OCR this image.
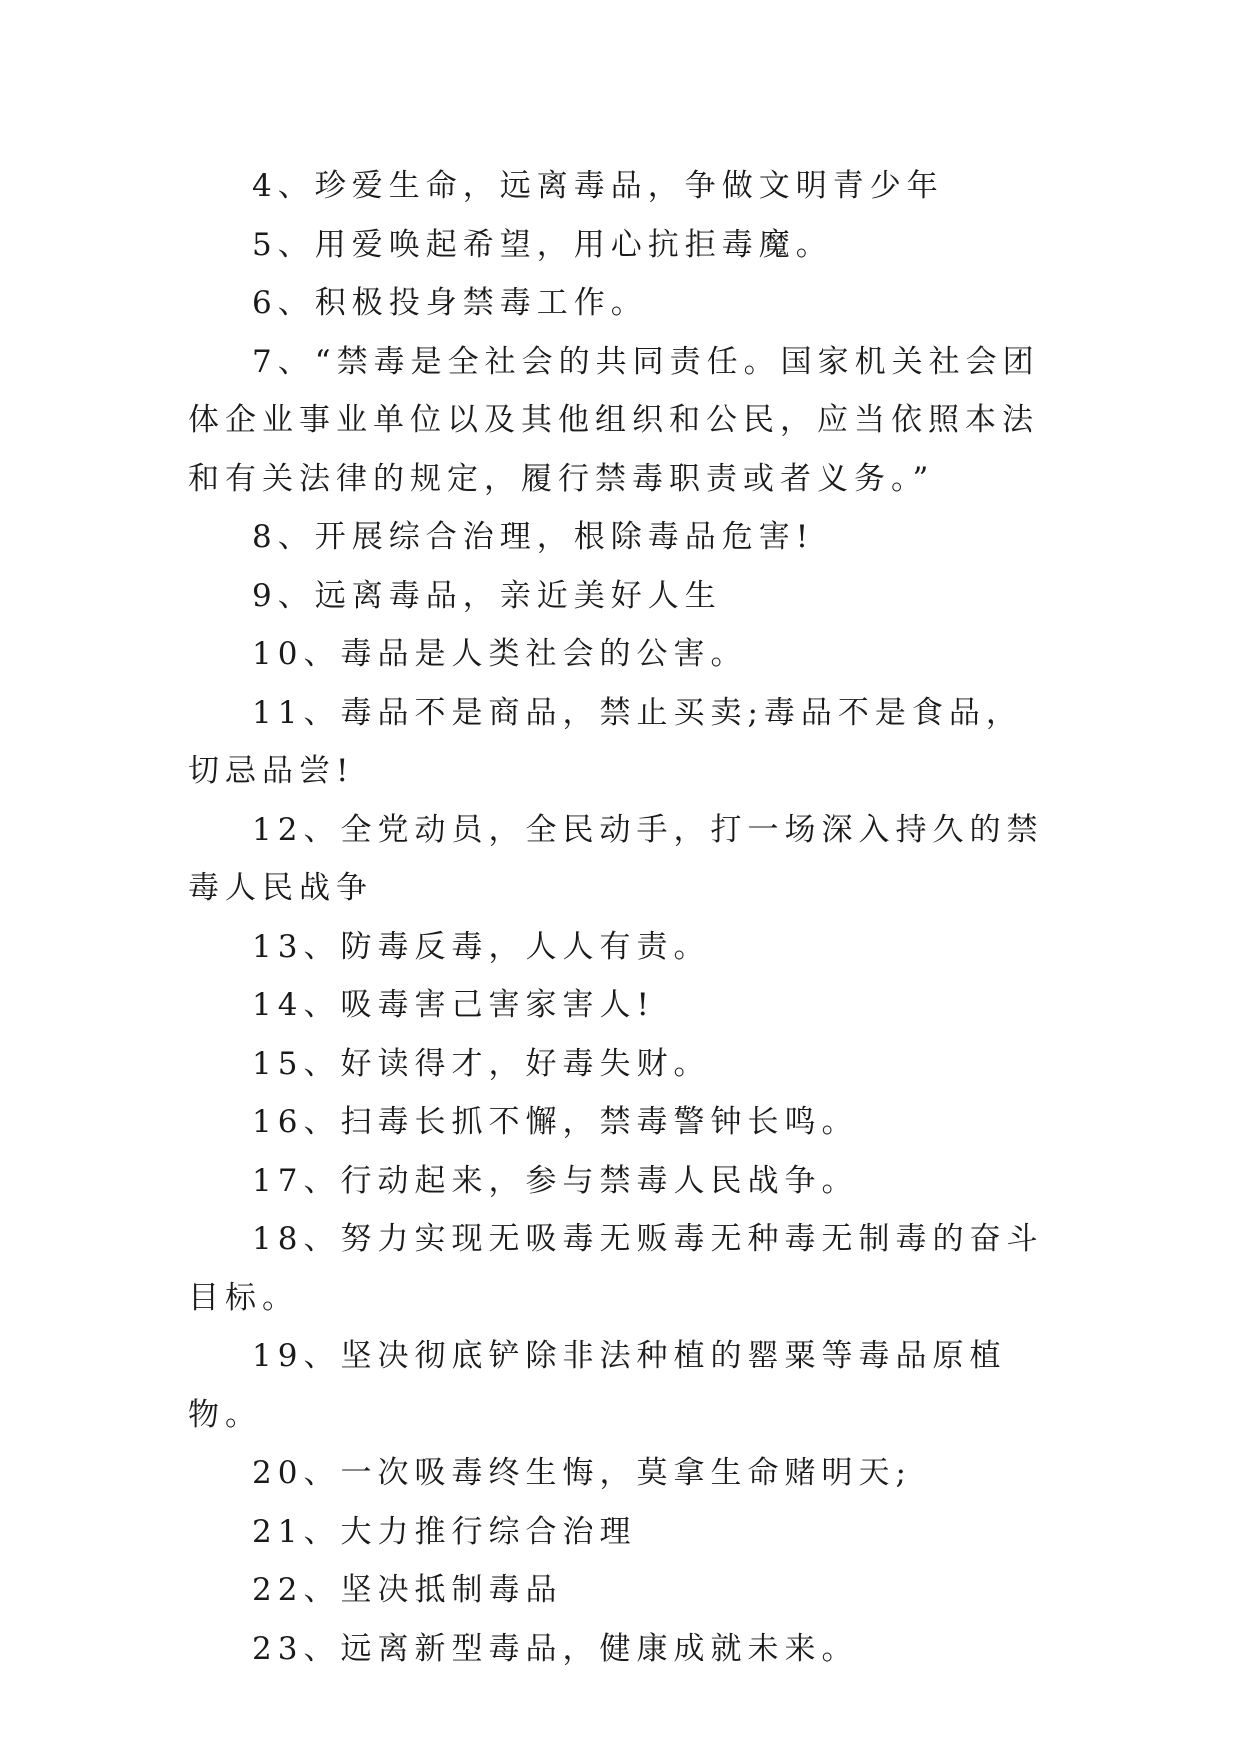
4、珍爱生命，远离毒品，争做文明青少年

5、用爱唤起希望，用心抗拒毒魔。

6、积极投身禁毒工作。

7、“禁毒是全社会的共同责任。国家机关社会团体企业事业单位以及其他组织和公民，应当依照本法和有关法律的规定，履行禁毒职责或者义务。”

8、开展综合治理，根除毒品危害!

9、远离毒品，亲近美好人生

10、毒品是人类社会的公害。

11、毒品不是商品，禁止买卖;毒品不是食品，切忌品尝!

12、全党动员，全民动手，打一场深入持久的禁毒人民战争

13、防毒反毒，人人有责。

14、吸毒害己害家害人!

15、好读得才，好毒失财。

16、扫毒长抓不懈，禁毒警钟长鸣。

17、行动起来，参与禁毒人民战争。

18、努力实现无吸毒无贩毒无种毒无制毒的奋斗目标。

19、坚决彻底铲除非法种植的罂粟等毒品原植物。

20、一次吸毒终生悔，莫拿生命赌明天;

21、大力推行综合治理

22、坚决抵制毒品

23、远离新型毒品，健康成就未来。
